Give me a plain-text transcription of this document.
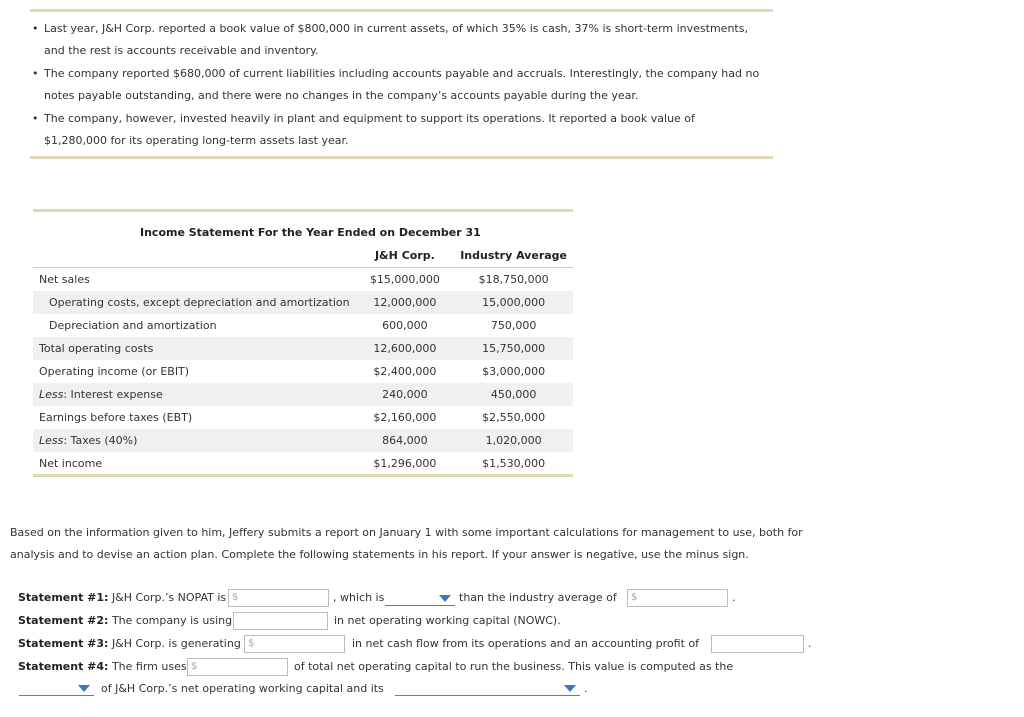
• Last year, J&H Corp. reported a book value of $800,000 in current assets, of which 35% is cash, 37% is short-term investments,
and the rest is accounts receivable and inventory.
• The company reported $680,000 of current liabilities including accounts payable and accruals. Interestingly, the company had no
notes payable outstanding, and there were no changes in the company’s accounts payable during the year.
• The company, however, invested heavily in plant and equipment to support its operations. It reported a book value of
$1,280,000 for its operating long-term assets last year.
Income Statement For the Year Ended on December 31		
	J&H Corp.	Industry Average
Net sales	$15,000,000	$18,750,000
Operating costs, except depreciation and amortization	12,000,000	15,000,000
Depreciation and amortization	600,000	750,000
Total operating costs	12,600,000	15,750,000
Operating income (or EBIT)	$2,400,000	$3,000,000
Less: Interest expense	240,000	450,000
Earnings before taxes (EBT)	$2,160,000	$2,550,000
Less: Taxes (40%)	864,000	1,020,000
Net income	$1,296,000	$1,530,000
Based on the information given to him, Jeffery submits a report on January 1 with some important calculations for management to use, both for
analysis and to devise an action plan. Complete the following statements in his report. If your answer is negative, use the minus sign.
Statement #1: J&H Corp.’s NOPAT is $	, which is	than the industry average of	$	.
Statement #2: The company is using	in net operating working capital (NOWC).
Statement #3: J&H Corp. is generating $	in net cash flow from its operations and an accounting profit of	.
Statement #4: The firm uses $	of total net operating capital to run the business. This value is computed as the
of J&H Corp.’s net operating working capital and its	.
